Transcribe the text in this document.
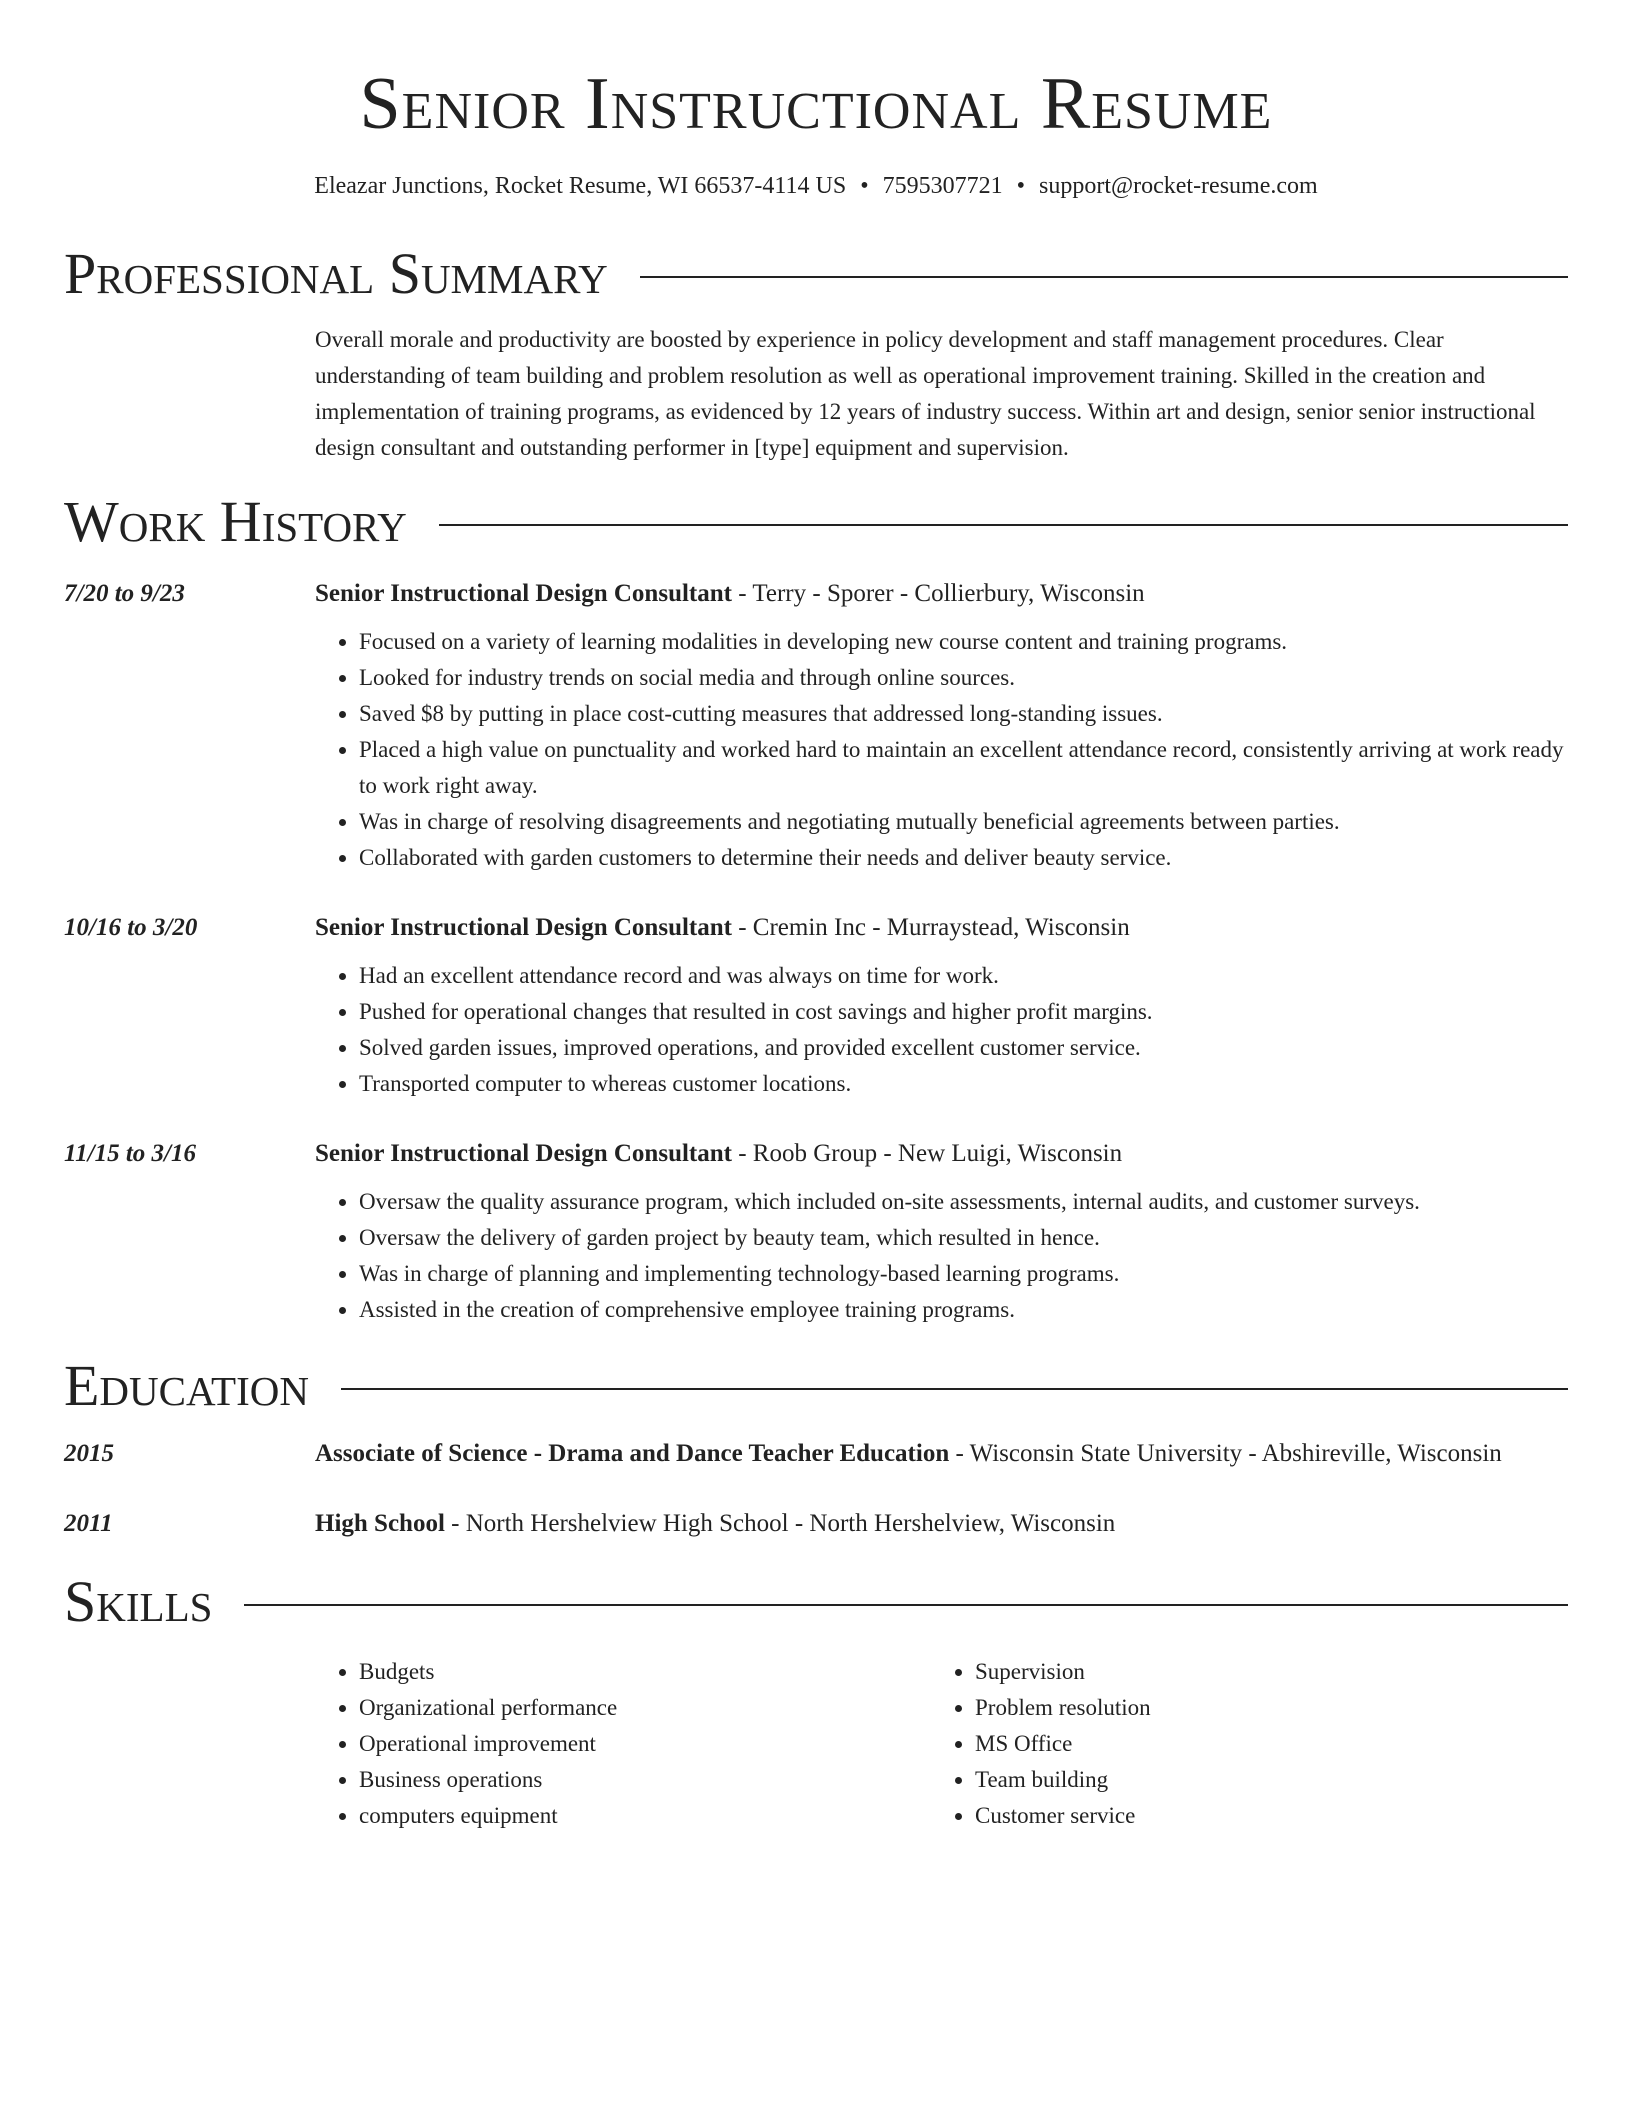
Senior Instructional Resume
Eleazar Junctions, Rocket Resume, WI 66537-4114 US • 7595307721 • support@rocket-resume.com
Professional Summary
Overall morale and productivity are boosted by experience in policy development and staff management procedures. Clear understanding of team building and problem resolution as well as operational improvement training. Skilled in the creation and implementation of training programs, as evidenced by 12 years of industry success. Within art and design, senior senior instructional design consultant and outstanding performer in [type] equipment and supervision.
Work History
7/20 to 9/23	Senior Instructional Design Consultant - Terry - Sporer - Collierbury, Wisconsin
• Focused on a variety of learning modalities in developing new course content and training programs.
• Looked for industry trends on social media and through online sources.
• Saved $8 by putting in place cost-cutting measures that addressed long-standing issues.
• Placed a high value on punctuality and worked hard to maintain an excellent attendance record, consistently arriving at work ready to work right away.
• Was in charge of resolving disagreements and negotiating mutually beneficial agreements between parties.
• Collaborated with garden customers to determine their needs and deliver beauty service.
10/16 to 3/20	Senior Instructional Design Consultant - Cremin Inc - Murraystead, Wisconsin
• Had an excellent attendance record and was always on time for work.
• Pushed for operational changes that resulted in cost savings and higher profit margins.
• Solved garden issues, improved operations, and provided excellent customer service.
• Transported computer to whereas customer locations.
11/15 to 3/16	Senior Instructional Design Consultant - Roob Group - New Luigi, Wisconsin
• Oversaw the quality assurance program, which included on-site assessments, internal audits, and customer surveys.
• Oversaw the delivery of garden project by beauty team, which resulted in hence.
• Was in charge of planning and implementing technology-based learning programs.
• Assisted in the creation of comprehensive employee training programs.
Education
2015	Associate of Science - Drama and Dance Teacher Education - Wisconsin State University - Abshireville, Wisconsin
2011	High School - North Hershelview High School - North Hershelview, Wisconsin
Skills
• Budgets
• Organizational performance
• Operational improvement
• Business operations
• computers equipment
• Supervision
• Problem resolution
• MS Office
• Team building
• Customer service
